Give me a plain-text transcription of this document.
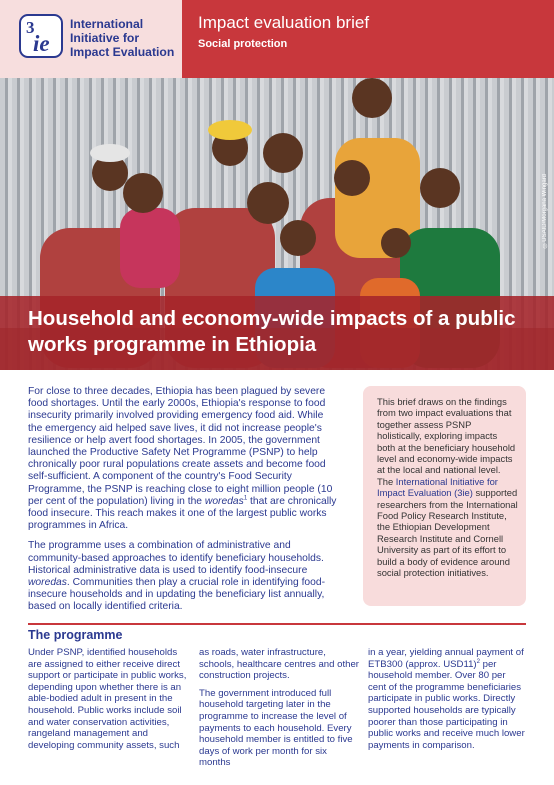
3
ie
International Initiative for Impact Evaluation
Impact evaluation brief
Social protection
©USAID/Morgana Wingard
Household and economy-wide impacts of a public works programme in Ethiopia

For close to three decades, Ethiopia has been plagued by severe food shortages. Until the early 2000s, Ethiopia's response to food insecurity primarily involved providing emergency food aid. While the emergency aid helped save lives, it did not increase people's resilience or help avert food shortages. In 2005, the government launched the Productive Safety Net Programme (PSNP) to help chronically poor rural populations create assets and become food self-sufficient. A component of the country's Food Security Programme, the PSNP is reaching close to eight million people (10 per cent of the population) living in the woredas$^1$ that are chronically food insecure. This reach makes it one of the largest public works programmes in Africa.

The programme uses a combination of administrative and community-based approaches to identify beneficiary households. Historical administrative data is used to identify food-insecure woredas. Communities then play a crucial role in identifying food-insecure households and in updating the beneficiary list annually, based on locally identified criteria.

This brief draws on the findings from two impact evaluations that together assess PSNP holistically, exploring impacts both at the beneficiary household level and economy-wide impacts at the local and national level. The International Initiative for Impact Evaluation (3ie) supported researchers from the International Food Policy Research Institute, the Ethiopian Development Research Institute and Cornell University as part of its effort to build a body of evidence around social protection initiatives.
The programme

Under PSNP, identified households are assigned to either receive direct support or participate in public works, depending upon whether there is an able-bodied adult in present in the household. Public works include soil and water conservation activities, rangeland management and developing community assets, such

as roads, water infrastructure, schools, healthcare centres and other construction projects.

The government introduced full household targeting later in the programme to increase the level of payments to each household. Every household member is entitled to five days of work per month for six months

in a year, yielding annual payment of ETB300 (approx. USD11)$^2$ per household member. Over 80 per cent of the programme beneficiaries participate in public works. Directly supported households are typically poorer than those participating in public works and receive much lower payments in comparison.
